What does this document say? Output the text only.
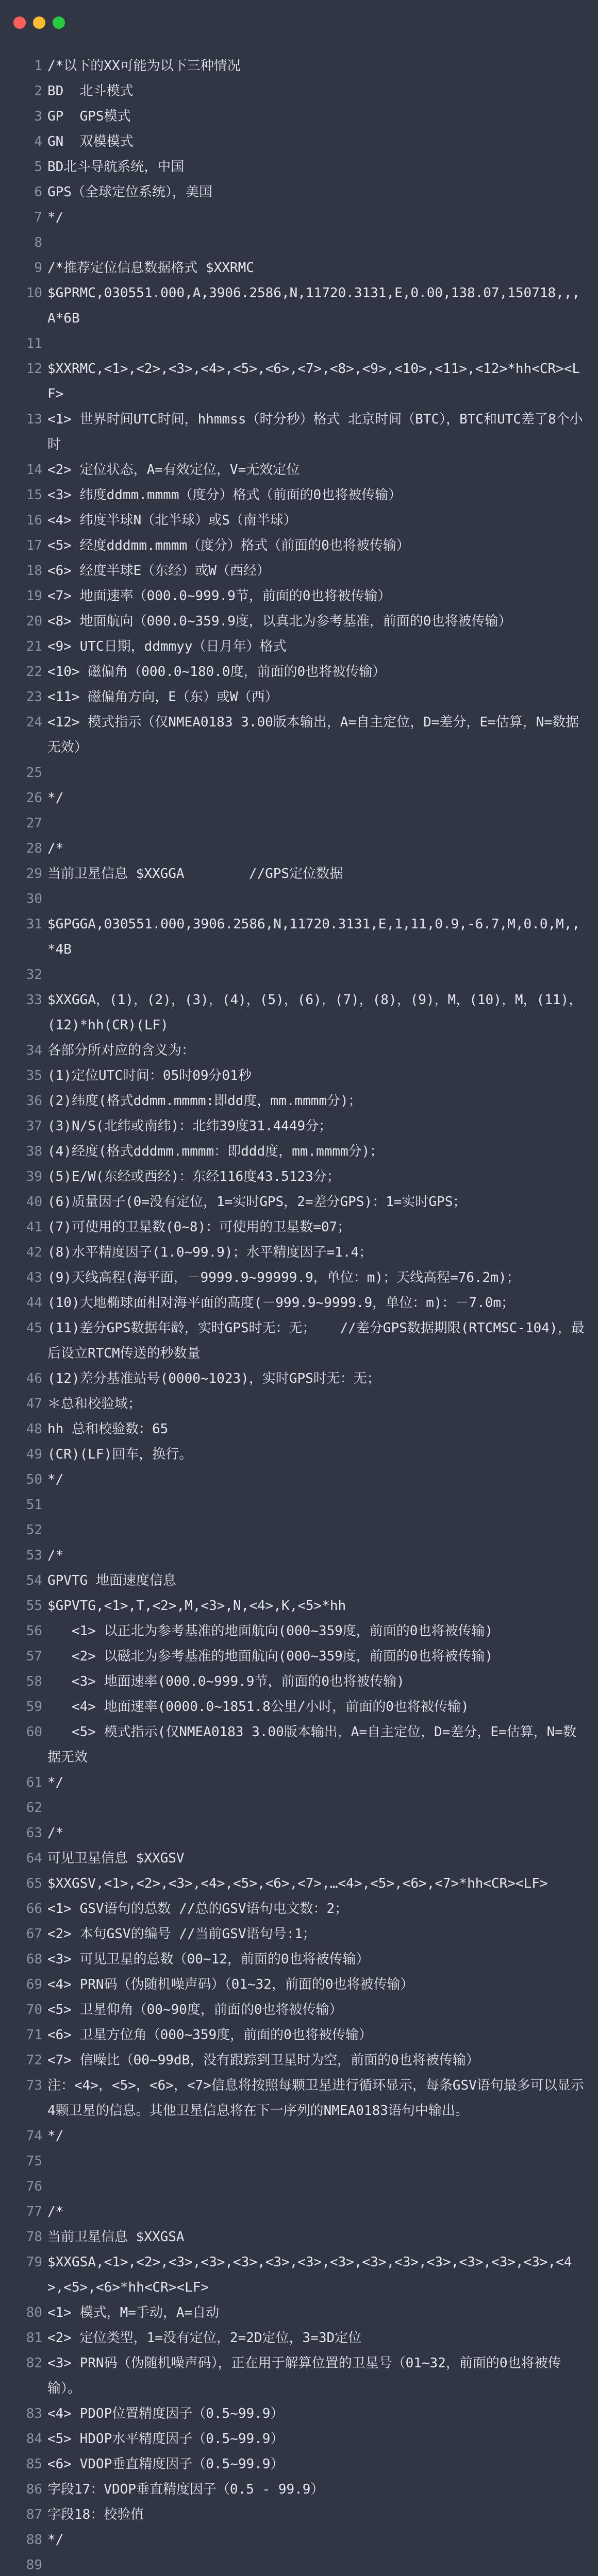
1 /*以下的XX可能为以下三种情况
2 BD  北斗模式
3 GP  GPS模式
4 GN  双模模式
5 BD北斗导航系统，中国
6 GPS（全球定位系统），美国
7 */
8
9 /*推荐定位信息数据格式 $XXRMC
10 $GPRMC,030551.000,A,3906.2586,N,11720.3131,E,0.00,138.07,150718,,,A*6B
11
12 $XXRMC,<1>,<2>,<3>,<4>,<5>,<6>,<7>,<8>,<9>,<10>,<11>,<12>*hh<CR><LF>
13 <1> 世界时间UTC时间，hhmmss（时分秒）格式 北京时间（BTC），BTC和UTC差了8个小时
14 <2> 定位状态，A=有效定位，V=无效定位
15 <3> 纬度ddmm.mmmm（度分）格式（前面的0也将被传输）
16 <4> 纬度半球N（北半球）或S（南半球）
17 <5> 经度dddmm.mmmm（度分）格式（前面的0也将被传输）
18 <6> 经度半球E（东经）或W（西经）
19 <7> 地面速率（000.0~999.9节，前面的0也将被传输）
20 <8> 地面航向（000.0~359.9度，以真北为参考基准，前面的0也将被传输）
21 <9> UTC日期，ddmmyy（日月年）格式
22 <10> 磁偏角（000.0~180.0度，前面的0也将被传输）
23 <11> 磁偏角方向，E（东）或W（西）
24 <12> 模式指示（仅NMEA0183 3.00版本输出，A=自主定位，D=差分，E=估算，N=数据无效）
25
26 */
27
28 /*
29 当前卫星信息 $XXGGA        //GPS定位数据
30
31 $GPGGA,030551.000,3906.2586,N,11720.3131,E,1,11,0.9,-6.7,M,0.0,M,,*4B
32
33 $XXGGA，(1)，(2)，(3)，(4)，(5)，(6)，(7)，(8)，(9)，M，(10)，M，(11)，(12)*hh(CR)(LF)
34 各部分所对应的含义为：
35 (1)定位UTC时间：05时09分01秒
36 (2)纬度(格式ddmm.mmmm:即dd度，mm.mmmm分)；
37 (3)N/S(北纬或南纬)：北纬39度31.4449分；
38 (4)经度(格式dddmm.mmmm：即ddd度，mm.mmmm分)；
39 (5)E/W(东经或西经)：东经116度43.5123分；
40 (6)质量因子(0=没有定位，1=实时GPS，2=差分GPS)：1=实时GPS；
41 (7)可使用的卫星数(0~8)：可使用的卫星数=07；
42 (8)水平精度因子(1.0~99.9)；水平精度因子=1.4；
43 (9)天线高程(海平面，－9999.9~99999.9，单位：m)；天线高程=76.2m)；
44 (10)大地椭球面相对海平面的高度(－999.9~9999.9，单位：m)：－7.0m；
45 (11)差分GPS数据年龄，实时GPS时无：无；   //差分GPS数据期限(RTCMSC-104)，最后设立RTCM传送的秒数量
46 (12)差分基准站号(0000~1023)，实时GPS时无：无；
47 ＊总和校验域；
48 hh 总和校验数：65
49 (CR)(LF)回车，换行。
50 */
51
52
53 /*
54 GPVTG 地面速度信息
55 $GPVTG,<1>,T,<2>,M,<3>,N,<4>,K,<5>*hh
56 <1> 以正北为参考基准的地面航向(000~359度，前面的0也将被传输)
57 <2> 以磁北为参考基准的地面航向(000~359度，前面的0也将被传输)
58 <3> 地面速率(000.0~999.9节，前面的0也将被传输)
59 <4> 地面速率(0000.0~1851.8公里/小时，前面的0也将被传输)
60 <5> 模式指示(仅NMEA0183 3.00版本输出，A=自主定位，D=差分，E=估算，N=数据无效
61 */
62
63 /*
64 可见卫星信息 $XXGSV
65 $XXGSV,<1>,<2>,<3>,<4>,<5>,<6>,<7>,…<4>,<5>,<6>,<7>*hh<CR><LF>
66 <1> GSV语句的总数 //总的GSV语句电文数：2；
67 <2> 本句GSV的编号 //当前GSV语句号:1；
68 <3> 可见卫星的总数（00~12，前面的0也将被传输）
69 <4> PRN码（伪随机噪声码）（01~32，前面的0也将被传输）
70 <5> 卫星仰角（00~90度，前面的0也将被传输）
71 <6> 卫星方位角（000~359度，前面的0也将被传输）
72 <7> 信噪比（00~99dB，没有跟踪到卫星时为空，前面的0也将被传输）
73 注：<4>，<5>，<6>，<7>信息将按照每颗卫星进行循环显示，每条GSV语句最多可以显示4颗卫星的信息。其他卫星信息将在下一序列的NMEA0183语句中输出。
74 */
75
76
77 /*
78 当前卫星信息 $XXGSA
79 $XXGSA,<1>,<2>,<3>,<3>,<3>,<3>,<3>,<3>,<3>,<3>,<3>,<3>,<3>,<3>,<4>,<5>,<6>*hh<CR><LF>
80 <1> 模式，M=手动，A=自动
81 <2> 定位类型，1=没有定位，2=2D定位，3=3D定位
82 <3> PRN码（伪随机噪声码），正在用于解算位置的卫星号（01~32，前面的0也将被传输）。
83 <4> PDOP位置精度因子（0.5~99.9）
84 <5> HDOP水平精度因子（0.5~99.9）
85 <6> VDOP垂直精度因子（0.5~99.9）
86 字段17：VDOP垂直精度因子（0.5 - 99.9）
87 字段18：校验值
88 */
89
